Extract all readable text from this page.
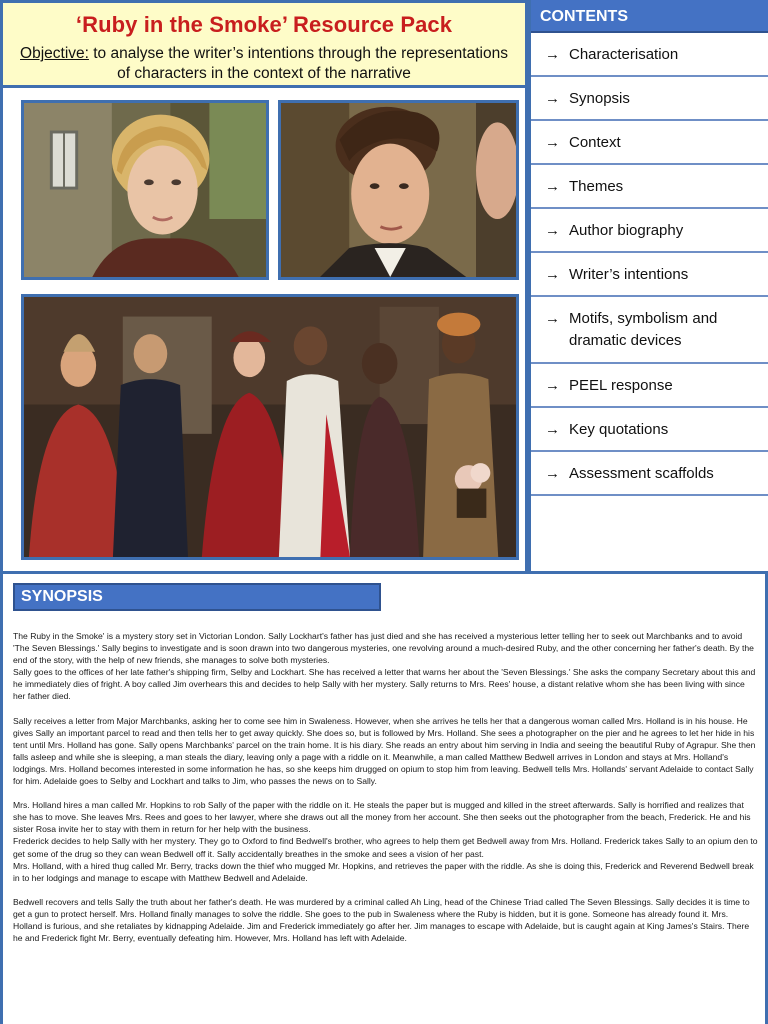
‘Ruby in the Smoke’ Resource Pack
Objective: to analyse the writer’s intentions through the representations of characters in the context of the narrative
CONTENTS
→ Characterisation
→ Synopsis
→ Context
→ Themes
→ Author biography
→ Writer’s intentions
→ Motifs, symbolism and dramatic devices
→ PEEL response
→ Key quotations
→ Assessment scaffolds
SYNOPSIS

The Ruby in the Smoke' is a mystery story set in Victorian London. Sally Lockhart's father has just died and she has received a mysterious letter telling her to seek out Marchbanks and to avoid 'The Seven Blessings.' Sally begins to investigate and is soon drawn into two dangerous mysteries, one revolving around a much-desired Ruby, and the other concerning her father's death. By the end of the story, with the help of new friends, she manages to solve both mysteries.

Sally goes to the offices of her late father's shipping firm, Selby and Lockhart. She has received a letter that warns her about the 'Seven Blessings.' She asks the company Secretary about this and he immediately dies of fright. A boy called Jim overhears this and decides to help Sally with her mystery. Sally returns to Mrs. Rees' house, a distant relative whom she has been living with since her father died.

Sally receives a letter from Major Marchbanks, asking her to come see him in Swaleness. However, when she arrives he tells her that a dangerous woman called Mrs. Holland is in his house. He gives Sally an important parcel to read and then tells her to get away quickly. She does so, but is followed by Mrs. Holland. She sees a photographer on the pier and he agrees to let her hide in his tent until Mrs. Holland has gone. Sally opens Marchbanks' parcel on the train home. It is his diary. She reads an entry about him serving in India and seeing the beautiful Ruby of Agrapur. She then falls asleep and while she is sleeping, a man steals the diary, leaving only a page with a riddle on it. Meanwhile, a man called Matthew Bedwell arrives in London and stays at Mrs. Holland's lodgings. Mrs. Holland becomes interested in some information he has, so she keeps him drugged on opium to stop him from leaving. Bedwell tells Mrs. Hollands' servant Adelaide to contact Sally for him. Adelaide goes to Selby and Lockhart and talks to Jim, who passes the news on to Sally.

Mrs. Holland hires a man called Mr. Hopkins to rob Sally of the paper with the riddle on it. He steals the paper but is mugged and killed in the street afterwards. Sally is horrified and realizes that she has to move. She leaves Mrs. Rees and goes to her lawyer, where she draws out all the money from her account. She then seeks out the photographer from the beach, Frederick. He and his sister Rosa invite her to stay with them in return for her help with the business.

Frederick decides to help Sally with her mystery. They go to Oxford to find Bedwell's brother, who agrees to help them get Bedwell away from Mrs. Holland. Frederick takes Sally to an opium den to get some of the drug so they can wean Bedwell off it. Sally accidentally breathes in the smoke and sees a vision of her past.

Mrs. Holland, with a hired thug called Mr. Berry, tracks down the thief who mugged Mr. Hopkins, and retrieves the paper with the riddle. As she is doing this, Frederick and Reverend Bedwell break in to her lodgings and manage to escape with Matthew Bedwell and Adelaide.

Bedwell recovers and tells Sally the truth about her father's death. He was murdered by a criminal called Ah Ling, head of the Chinese Triad called The Seven Blessings. Sally decides it is time to get a gun to protect herself. Mrs. Holland finally manages to solve the riddle. She goes to the pub in Swaleness where the Ruby is hidden, but it is gone. Someone has already found it. Mrs. Holland is furious, and she retaliates by kidnapping Adelaide. Jim and Frederick immediately go after her. Jim manages to escape with Adelaide, but is caught again at King James's Stairs. There he and Frederick fight Mr. Berry, eventually defeating him. However, Mrs. Holland has left with Adelaide.
